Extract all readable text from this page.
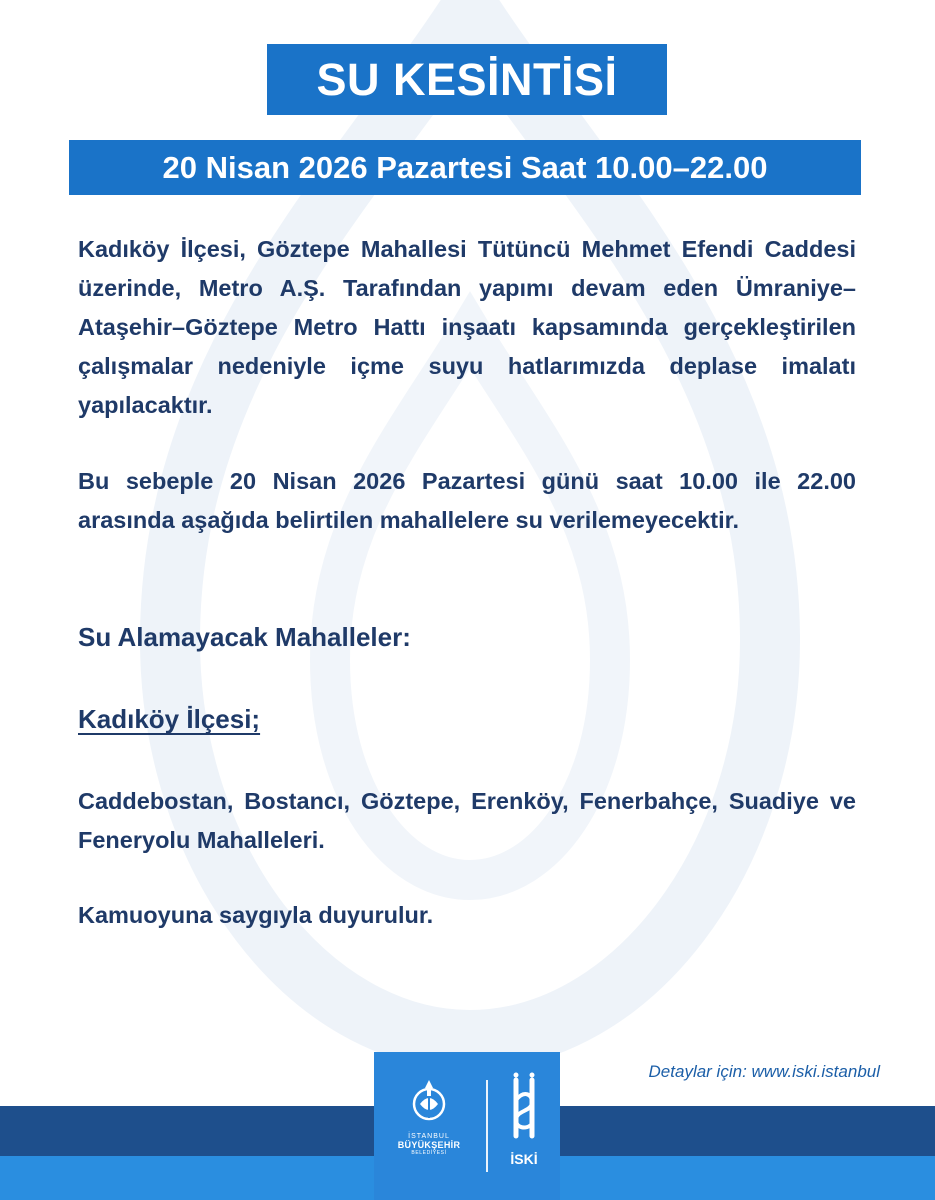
SU KESİNTİSİ
20 Nisan 2026 Pazartesi Saat 10.00–22.00

Kadıköy İlçesi, Göztepe Mahallesi Tütüncü Mehmet Efendi Caddesi üzerinde, Metro A.Ş. Tarafından yapımı devam eden Ümraniye–Ataşehir–Göztepe Metro Hattı inşaatı kapsamında gerçekleştirilen çalışmalar nedeniyle içme suyu hatlarımızda deplase imalatı yapılacaktır.

Bu sebeple 20 Nisan 2026 Pazartesi günü saat 10.00 ile 22.00 arasında aşağıda belirtilen mahallelere su verilemeyecektir.

Su Alamayacak Mahalleler:
Kadıköy İlçesi;

Caddebostan, Bostancı, Göztepe, Erenköy, Fenerbahçe, Suadiye ve Feneryolu Mahalleleri.

Kamuoyuna saygıyla duyurulur.
Detaylar için: www.iski.istanbul
İSTANBUL
BÜYÜKŞEHİR
BELEDİYESİ	İSKİ
